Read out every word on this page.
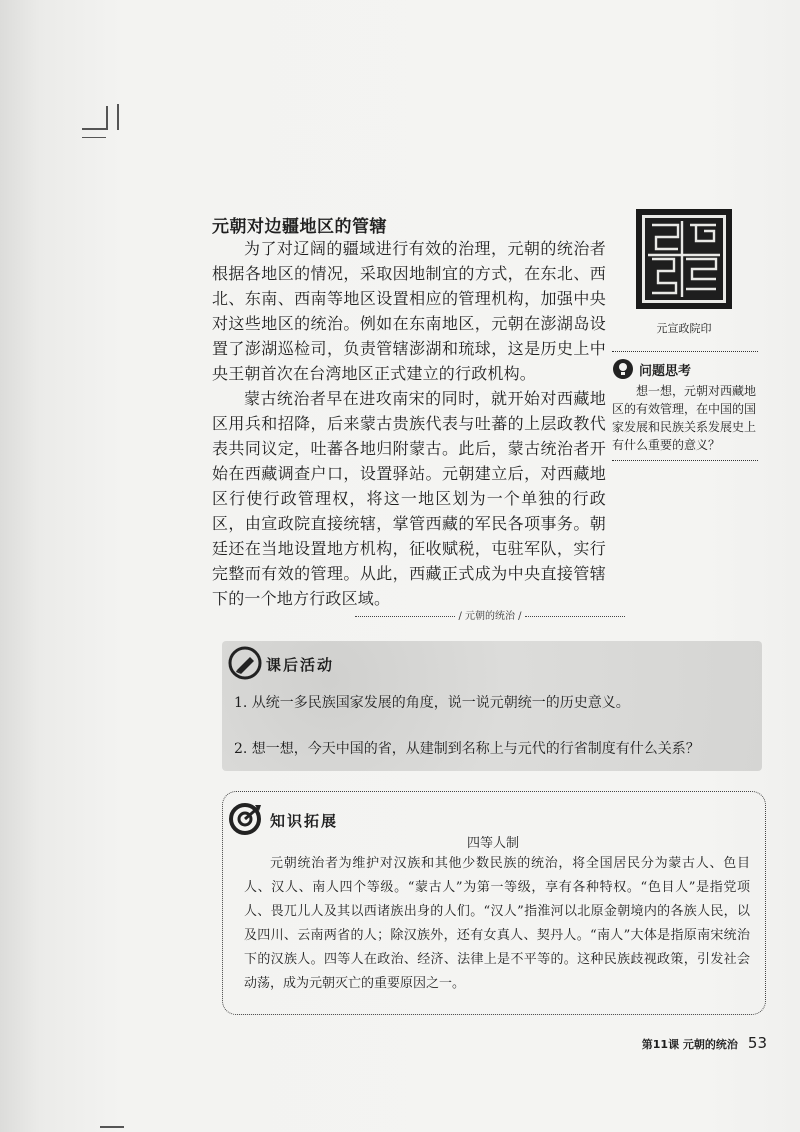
元朝对边疆地区的管辖

为了对辽阔的疆域进行有效的治理，元朝的统治者根据各地区的情况，采取因地制宜的方式，在东北、西北、东南、西南等地区设置相应的管理机构，加强中央对这些地区的统治。例如在东南地区，元朝在澎湖岛设置了澎湖巡检司，负责管辖澎湖和琉球，这是历史上中央王朝首次在台湾地区正式建立的行政机构。

蒙古统治者早在进攻南宋的同时，就开始对西藏地区用兵和招降，后来蒙古贵族代表与吐蕃的上层政教代表共同议定，吐蕃各地归附蒙古。此后，蒙古统治者开始在西藏调查户口，设置驿站。元朝建立后，对西藏地区行使行政管理权，将这一地区划为一个单独的行政区，由宣政院直接统辖，掌管西藏的军民各项事务。朝廷还在当地设置地方机构，征收赋税，屯驻军队，实行完整而有效的管理。从此，西藏正式成为中央直接管辖下的一个地方行政区域。

元宣政院印
问题思考

想一想，元朝对西藏地区的有效管理，在中国的国家发展和民族关系发展史上有什么重要的意义？

/ 元朝的统治 /
课后活动
1. 从统一多民族国家发展的角度，说一说元朝统一的历史意义。
2. 想一想，今天中国的省，从建制到名称上与元代的行省制度有什么关系？
知识拓展
四等人制

元朝统治者为维护对汉族和其他少数民族的统治，将全国居民分为蒙古人、色目人、汉人、南人四个等级。“蒙古人”为第一等级，享有各种特权。“色目人”是指党项人、畏兀儿人及其以西诸族出身的人们。“汉人”指淮河以北原金朝境内的各族人民，以及四川、云南两省的人；除汉族外，还有女真人、契丹人。“南人”大体是指原南宋统治下的汉族人。四等人在政治、经济、法律上是不平等的。这种民族歧视政策，引发社会动荡，成为元朝灭亡的重要原因之一。

第11课 元朝的统治 53
